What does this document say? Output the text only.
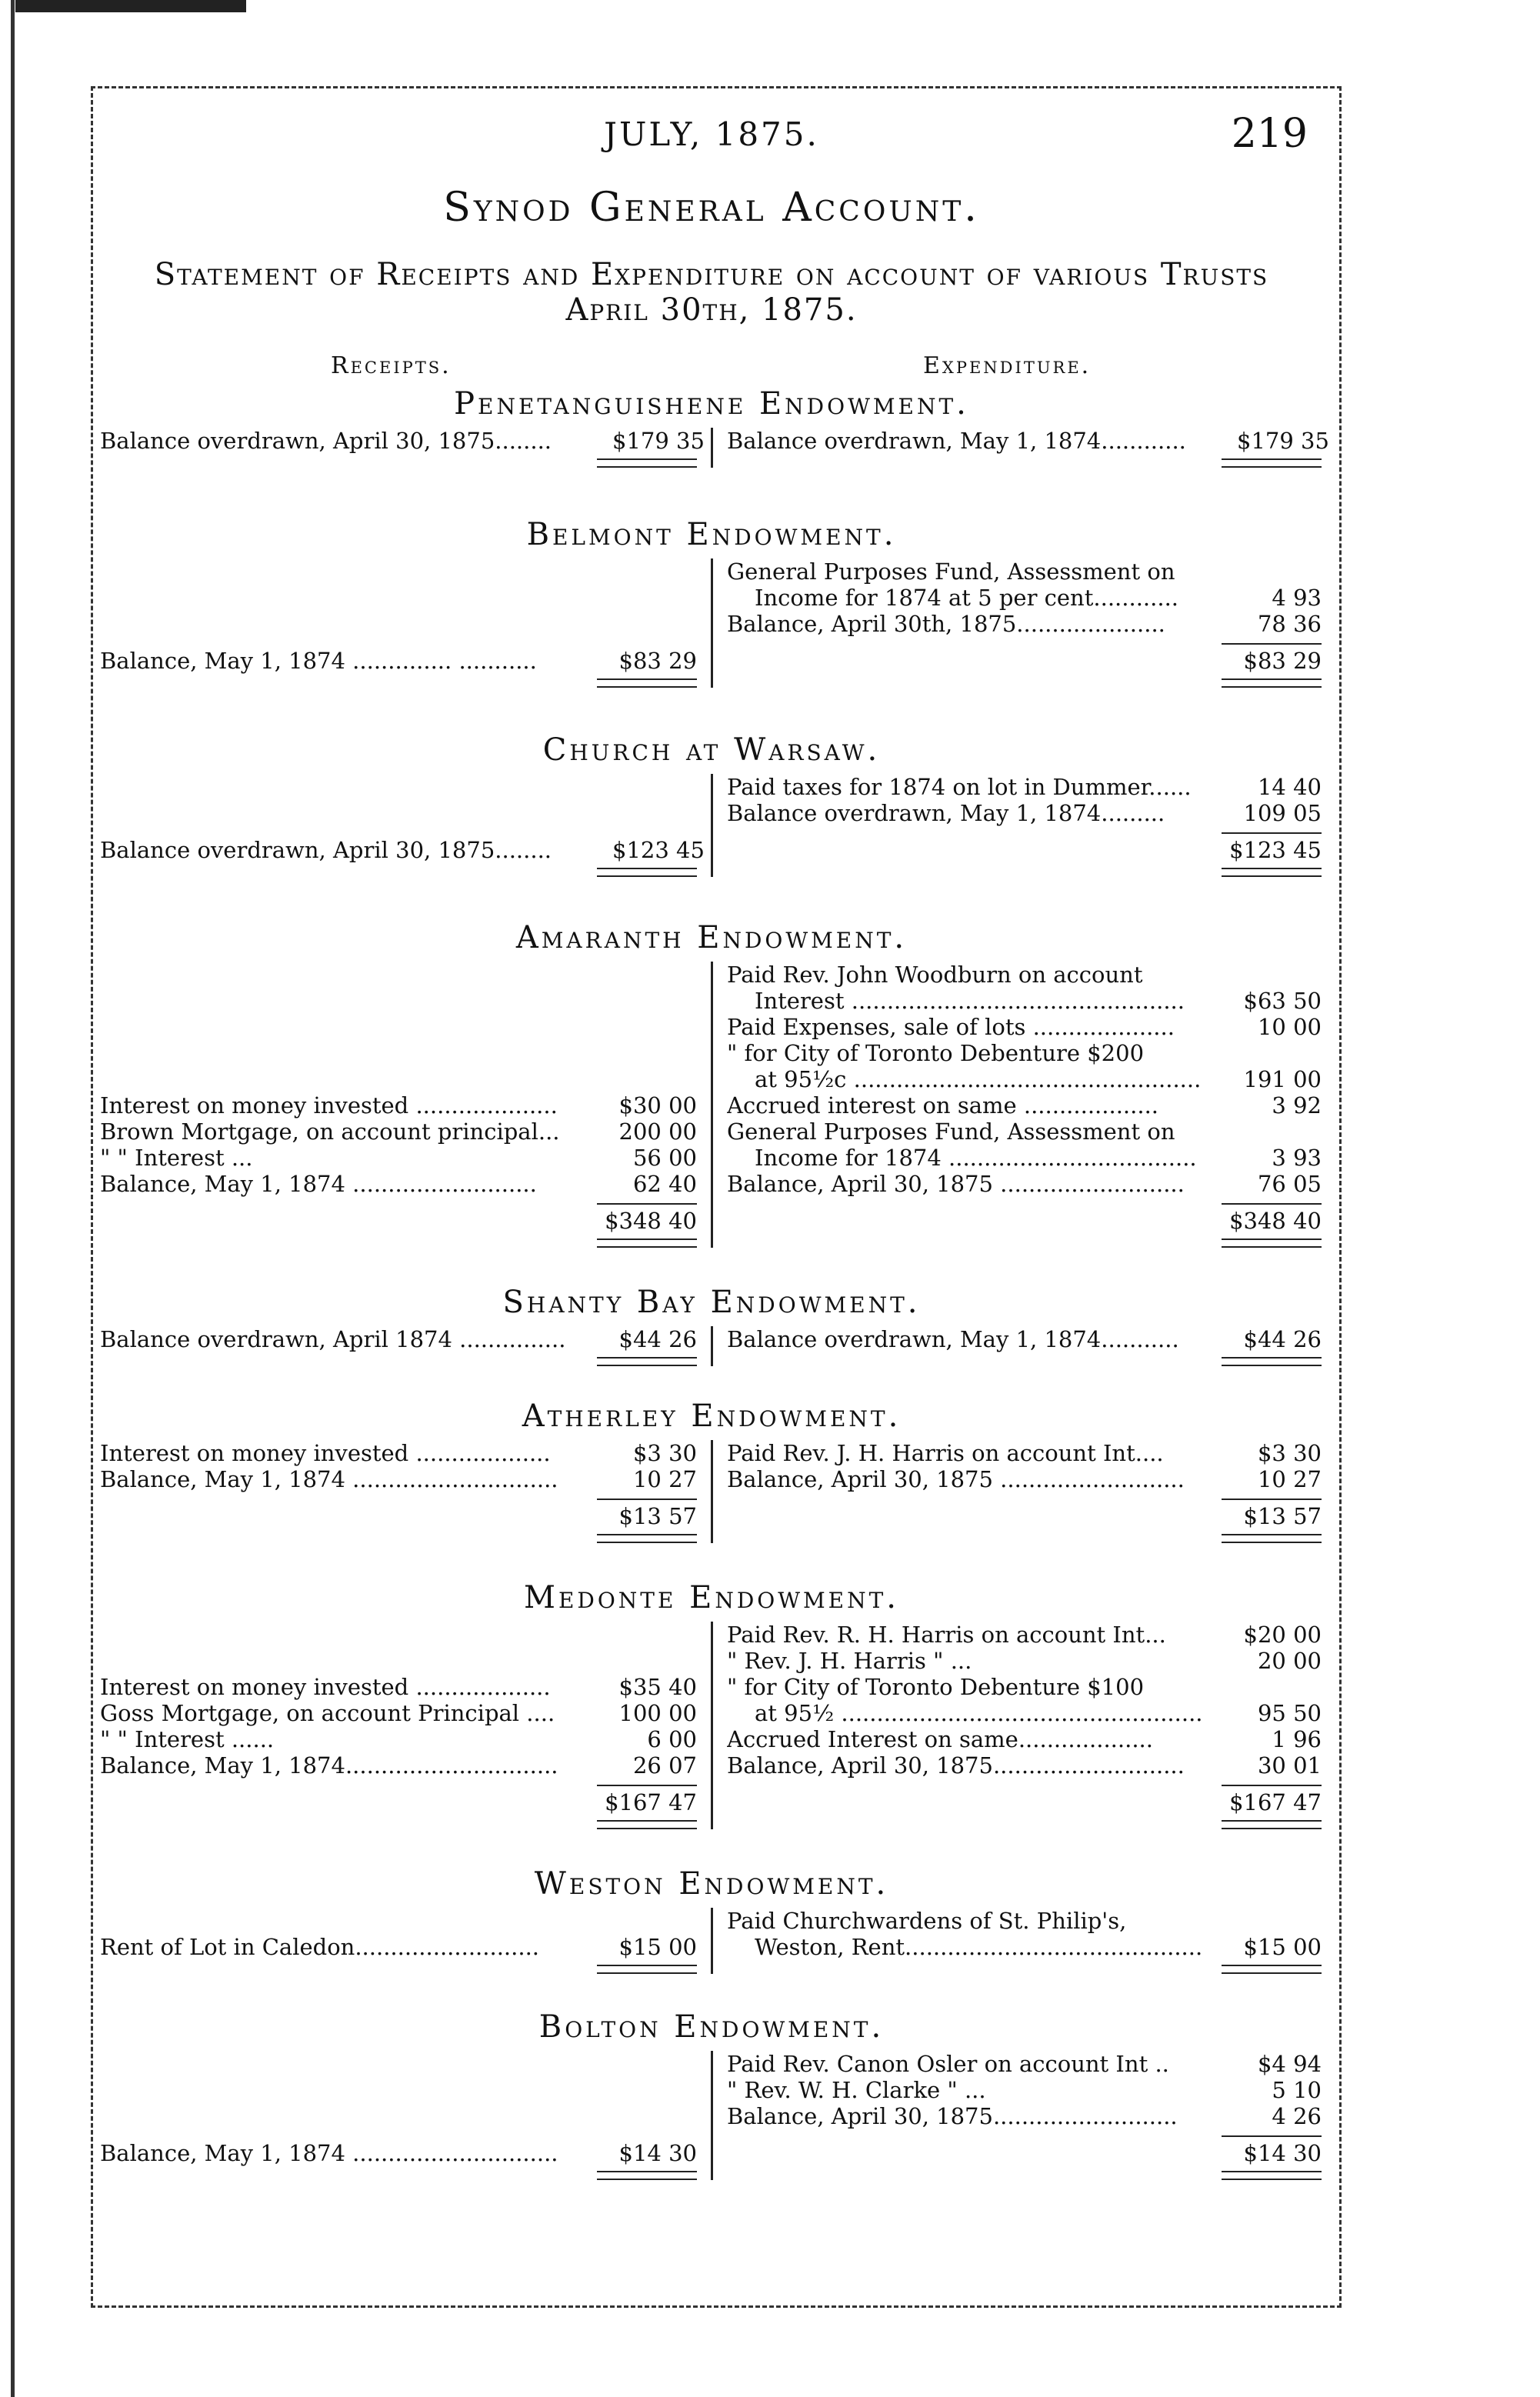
JULY, 1875.	219
Synod General Account.
Statement of Receipts and Expenditure on account of various Trusts
April 30th, 1875.
Receipts.	Expenditure.
Penetanguishene Endowment.
Balance overdrawn, April 30, 1875........	$179 35 Balance overdrawn, May 1, 1874............	$179 35
Belmont Endowment.
Balance, May 1, 1874 .............. ...........	$83 29
General Purposes Fund, Assessment on
Income for 1874 at 5 per cent............	4 93
Balance, April 30th, 1875.....................	78 36
$83 29
Church at Warsaw.
Balance overdrawn, April 30, 1875........	$123 45
Paid taxes for 1874 on lot in Dummer......	14 40
Balance overdrawn, May 1, 1874.........	109 05
$123 45
Amaranth Endowment.
Interest on money invested ....................	$30 00
Brown Mortgage, on account principal...	200 00
" " Interest ...	56 00
Balance, May 1, 1874 ..........................	62 40
$348 40
Paid Rev. John Woodburn on account
Interest ...............................................	$63 50
Paid Expenses, sale of lots ....................	10 00
" for City of Toronto Debenture $200
at 95½c .................................................	191 00
Accrued interest on same ...................	3 92
General Purposes Fund, Assessment on
Income for 1874 ...................................	3 93
Balance, April 30, 1875 ..........................	76 05
$348 40
Shanty Bay Endowment.
Balance overdrawn, April 1874 ...............	$44 26 Balance overdrawn, May 1, 1874...........	$44 26
Atherley Endowment.
Interest on money invested ...................	$3 30
Balance, May 1, 1874 .............................	10 27
$13 57
Paid Rev. J. H. Harris on account Int....	$3 30
Balance, April 30, 1875 ..........................	10 27
$13 57
Medonte Endowment.
Interest on money invested ...................	$35 40
Goss Mortgage, on account Principal ....	100 00
" " Interest ......	6 00
Balance, May 1, 1874..............................	26 07
$167 47
Paid Rev. R. H. Harris on account Int...	$20 00
" Rev. J. H. Harris " ...	20 00
" for City of Toronto Debenture $100
at 95½ ...................................................	95 50
Accrued Interest on same...................	1 96
Balance, April 30, 1875...........................	30 01
$167 47
Weston Endowment.
Rent of Lot in Caledon..........................	$15 00
Paid Churchwardens of St. Philip's,
Weston, Rent..........................................	$15 00
Bolton Endowment.
Balance, May 1, 1874 .............................	$14 30
Paid Rev. Canon Osler on account Int ..	$4 94
" Rev. W. H. Clarke " ...	5 10
Balance, April 30, 1875..........................	4 26
$14 30
